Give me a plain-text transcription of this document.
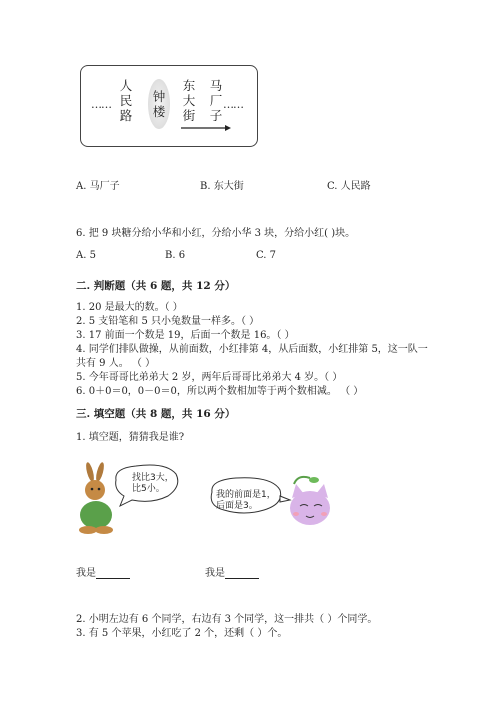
……
人
民
路
钟
楼
东
大
街
马
厂
子
……
A. 马厂子	B. 东大街	C. 人民路
6. 把 9 块糖分给小华和小红，分给小华 3 块，分给小红( )块。
A. 5	B. 6	C. 7
二. 判断题（共 6 题，共 12 分）
1. 20 是最大的数。（ ）
2. 5 支铅笔和 5 只小兔数量一样多。（ ）
3. 17 前面一个数是 19，后面一个数是 16。（ ）
4. 同学们排队做操，从前面数，小红排第 4，从后面数，小红排第 5，这一队一
共有 9 人。 （ ）
5. 今年哥哥比弟弟大 2 岁，两年后哥哥比弟弟大 4 岁。（ ）
6. 0＋0＝0，0－0＝0，所以两个数相加等于两个数相减。 （ ）
三. 填空题（共 8 题，共 16 分）
1. 填空题，猜猜我是谁?
找比3大，
比5小。
我的前面是1，
后面是3。
我是	我是
2. 小明左边有 6 个同学，右边有 3 个同学，这一排共（ ）个同学。
3. 有 5 个苹果，小红吃了 2 个，还剩（ ）个。
